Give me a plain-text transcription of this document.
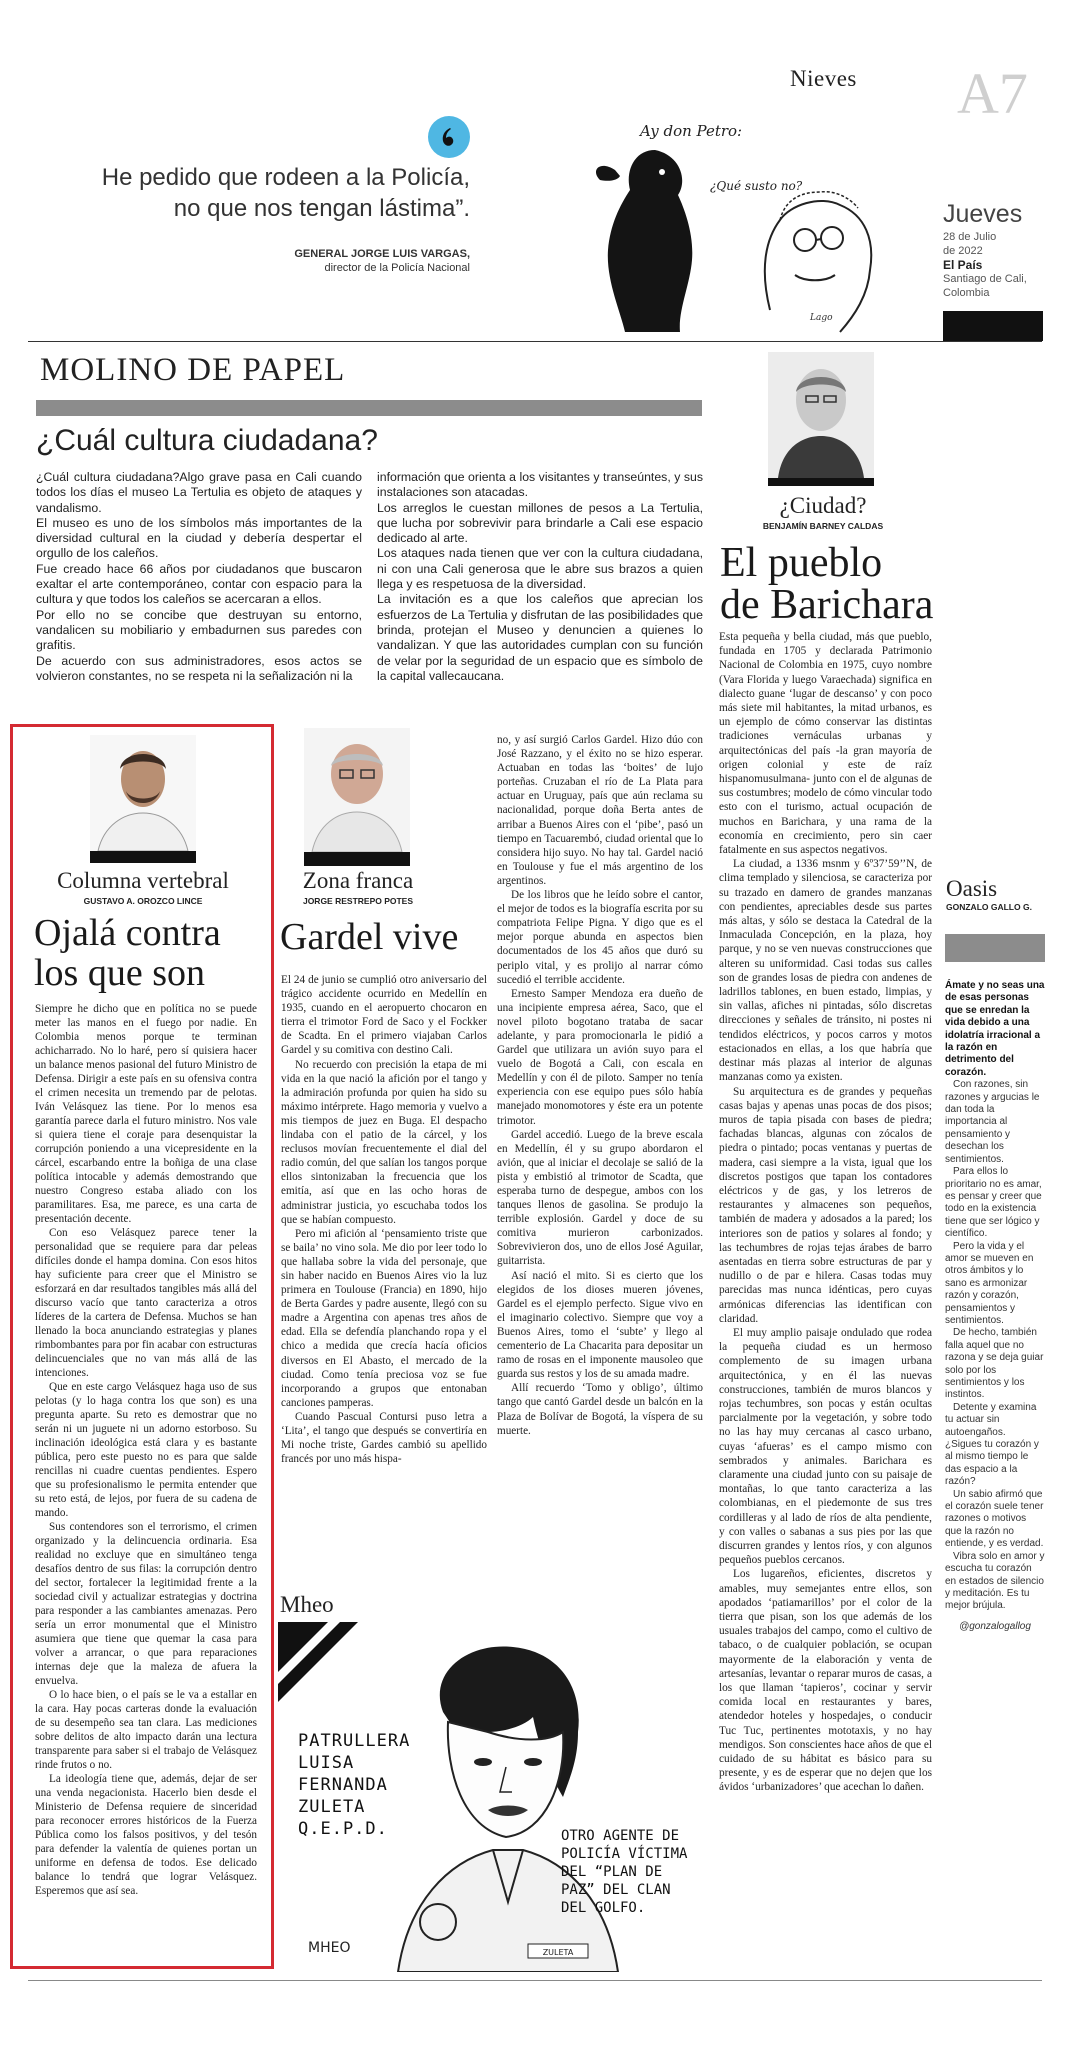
Nieves A7
Jueves
28 de Julio
de 2022
El País
Santiago de Cali,
Colombia
He pedido que rodeen a la Policía,
no que nos tengan lástima”.
GENERAL JORGE LUIS VARGAS,
director de la Policía Nacional
Ay don Petro:
¿Qué susto no?
Lago
MOLINO DE PAPEL
¿Cuál cultura ciudadana?
¿Cuál cultura ciudadana?Algo grave pasa en Cali cuando todos los días el museo La Tertulia es objeto de ataques y vandalismo.
El museo es uno de los símbolos más importantes de la diversidad cultural en la ciudad y debería despertar el orgullo de los caleños.
Fue creado hace 66 años por ciudadanos que buscaron exaltar el arte contemporáneo, contar con espacio para la cultura y que todos los caleños se acercaran a ellos.
Por ello no se concibe que destruyan su entorno, vandalicen su mobiliario y embadurnen sus paredes con grafitis.
De acuerdo con sus administradores, esos actos se volvieron constantes, no se respeta ni la señalización ni la
información que orienta a los visitantes y transeúntes, y sus instalaciones son atacadas.
Los arreglos le cuestan millones de pesos a La Tertulia, que lucha por sobrevivir para brindarle a Cali ese espacio dedicado al arte.
Los ataques nada tienen que ver con la cultura ciudadana, ni con una Cali generosa que le abre sus brazos a quien llega y es respetuosa de la diversidad.
La invitación es a que los caleños que aprecian los esfuerzos de La Tertulia y disfrutan de las posibilidades que brinda, protejan el Museo y denuncien a quienes lo vandalizan. Y que las autoridades cumplan con su función de velar por la seguridad de un espacio que es símbolo de la capital vallecaucana.
¿Ciudad?
BENJAMÍN BARNEY CALDAS
El pueblo
de Barichara

Esta pequeña y bella ciudad, más que pueblo, fundada en 1705 y declarada Patrimonio Nacional de Colombia en 1975, cuyo nombre (Vara Florida y luego Varaechada) significa en dialecto guane ‘lugar de descanso’ y con poco más siete mil habitantes, la mitad urbanos, es un ejemplo de cómo conservar las distintas tradiciones vernáculas urbanas y arquitectónicas del país -la gran mayoría de origen colonial y este de raíz hispanomusulmana- junto con el de algunas de sus costumbres; modelo de cómo vincular todo esto con el turismo, actual ocupación de muchos en Barichara, y una rama de la economía en crecimiento, pero sin caer fatalmente en sus aspectos negativos.

La ciudad, a 1336 msnm y 6º37’59’’N, de clima templado y silenciosa, se caracteriza por su trazado en damero de grandes manzanas con pendientes, apreciables desde sus partes más altas, y sólo se destaca la Catedral de la Inmaculada Concepción, en la plaza, hoy parque, y no se ven nuevas construcciones que alteren su uniformidad. Casi todas sus calles son de grandes losas de piedra con andenes de ladrillos tablones, en buen estado, limpias, y sin vallas, afiches ni pintadas, sólo discretas direcciones y señales de tránsito, ni postes ni tendidos eléctricos, y pocos carros y motos estacionados en ellas, a los que habría que destinar más plazas al interior de algunas manzanas como ya existen.

Su arquitectura es de grandes y pequeñas casas bajas y apenas unas pocas de dos pisos; muros de tapia pisada con bases de piedra; fachadas blancas, algunas con zócalos de piedra o pintado; pocas ventanas y puertas de madera, casi siempre a la vista, igual que los discretos postigos que tapan los contadores eléctricos y de gas, y los letreros de restaurantes y almacenes son pequeños, también de madera y adosados a la pared; los interiores son de patios y solares al fondo; y las techumbres de rojas tejas árabes de barro asentadas en tierra sobre estructuras de par y nudillo o de par e hilera. Casas todas muy parecidas mas nunca idénticas, pero cuyas armónicas diferencias las identifican con claridad.

El muy amplio paisaje ondulado que rodea la pequeña ciudad es un hermoso complemento de su imagen urbana arquitectónica, y en él las nuevas construcciones, también de muros blancos y rojas techumbres, son pocas y están ocultas parcialmente por la vegetación, y sobre todo no las hay muy cercanas al casco urbano, cuyas ‘afueras’ es el campo mismo con sembrados y animales. Barichara es claramente una ciudad junto con su paisaje de montañas, lo que tanto caracteriza a las colombianas, en el piedemonte de sus tres cordilleras y al lado de ríos de alta pendiente, y con valles o sabanas a sus pies por las que discurren grandes y lentos ríos, y con algunos pequeños pueblos cercanos.

Los lugareños, eficientes, discretos y amables, muy semejantes entre ellos, son apodados ‘patiamarillos’ por el color de la tierra que pisan, son los que además de los usuales trabajos del campo, como el cultivo de tabaco, o de cualquier población, se ocupan mayormente de la elaboración y venta de artesanías, levantar o reparar muros de casas, a los que llaman ‘tapieros’, cocinar y servir comida local en restaurantes y bares, atendedor hoteles y hospedajes, o conducir Tuc Tuc, pertinentes mototaxis, y no hay mendigos. Son conscientes hace años de que el cuidado de su hábitat es básico para su presente, y es de esperar que no dejen que los ávidos ‘urbanizadores’ que acechan lo dañen.

Oasis
GONZALO GALLO G.
Ámate y no seas una de esas personas que se enredan la vida debido a una idolatría irracional a la razón en detrimento del corazón.
Con razones, sin razones y argucias le dan toda la importancia al pensamiento y desechan los sentimientos.
Para ellos lo prioritario no es amar, es pensar y creer que todo en la existencia tiene que ser lógico y científico.
Pero la vida y el amor se mueven en otros ámbitos y lo sano es armonizar razón y corazón, pensamientos y sentimientos.
De hecho, también falla aquel que no razona y se deja guiar solo por los sentimientos y los instintos.
Detente y examina tu actuar sin autoengaños. ¿Sigues tu corazón y al mismo tiempo le das espacio a la razón?
Un sabio afirmó que el corazón suele tener razones o motivos que la razón no entiende, y es verdad.
Vibra solo en amor y escucha tu corazón en estados de silencio y meditación. Es tu mejor brújula.
@gonzalogallog
Columna vertebral
GUSTAVO A. OROZCO LINCE
Ojalá contra
los que son

Siempre he dicho que en política no se puede meter las manos en el fuego por nadie. En Colombia menos porque te terminan achicharrado. No lo haré, pero sí quisiera hacer un balance menos pasional del futuro Ministro de Defensa. Dirigir a este país en su ofensiva contra el crimen necesita un tremendo par de pelotas. Iván Velásquez las tiene. Por lo menos esa garantía parece darla el futuro ministro. Nos vale si quiera tiene el coraje para desenquistar la corrupción poniendo a una vicepresidente en la cárcel, escarbando entre la boñiga de una clase política intocable y además demostrando que nuestro Congreso estaba aliado con los paramilitares. Esa, me parece, es una carta de presentación decente.

Con eso Velásquez parece tener la personalidad que se requiere para dar peleas difíciles donde el hampa domina. Con esos hitos hay suficiente para creer que el Ministro se esforzará en dar resultados tangibles más allá del discurso vacío que tanto caracteriza a otros líderes de la cartera de Defensa. Muchos se han llenado la boca anunciando estrategias y planes rimbombantes para por fin acabar con estructuras delincuenciales que no van más allá de las intenciones.

Que en este cargo Velásquez haga uso de sus pelotas (y lo haga contra los que son) es una pregunta aparte. Su reto es demostrar que no serán ni un juguete ni un adorno estorboso. Su inclinación ideológica está clara y es bastante pública, pero este puesto no es para que salde rencillas ni cuadre cuentas pendientes. Espero que su profesionalismo le permita entender que su reto está, de lejos, por fuera de su cadena de mando.

Sus contendores son el terrorismo, el crimen organizado y la delincuencia ordinaria. Esa realidad no excluye que en simultáneo tenga desafíos dentro de sus filas: la corrupción dentro del sector, fortalecer la legitimidad frente a la sociedad civil y actualizar estrategias y doctrina para responder a las cambiantes amenazas. Pero sería un error monumental que el Ministro asumiera que tiene que quemar la casa para volver a arrancar, o que para reparaciones internas deje que la maleza de afuera la envuelva.

O lo hace bien, o el país se le va a estallar en la cara. Hay pocas carteras donde la evaluación de su desempeño sea tan clara. Las mediciones sobre delitos de alto impacto darán una lectura transparente para saber si el trabajo de Velásquez rinde frutos o no.

La ideología tiene que, además, dejar de ser una venda negacionista. Hacerlo bien desde el Ministerio de Defensa requiere de sinceridad para reconocer errores históricos de la Fuerza Pública como los falsos positivos, y del tesón para defender la valentía de quienes portan un uniforme en defensa de todos. Ese delicado balance lo tendrá que lograr Velásquez. Esperemos que así sea.

Zona franca
JORGE RESTREPO POTES
Gardel vive

El 24 de junio se cumplió otro aniversario del trágico accidente ocurrido en Medellín en 1935, cuando en el aeropuerto chocaron en tierra el trimotor Ford de Saco y el Fockker de Scadta. En el primero viajaban Carlos Gardel y su comitiva con destino Cali.

No recuerdo con precisión la etapa de mi vida en la que nació la afición por el tango y la admiración profunda por quien ha sido su máximo intérprete. Hago memoria y vuelvo a mis tiempos de juez en Buga. El despacho lindaba con el patio de la cárcel, y los reclusos movían frecuentemente el dial del radio común, del que salían los tangos porque ellos sintonizaban la frecuencia que los emitía, así que en las ocho horas de administrar justicia, yo escuchaba todos los que se habían compuesto.

Pero mi afición al ‘pensamiento triste que se baila’ no vino sola. Me dio por leer todo lo que hallaba sobre la vida del personaje, que sin haber nacido en Buenos Aires vio la luz primera en Toulouse (Francia) en 1890, hijo de Berta Gardes y padre ausente, llegó con su madre a Argentina con apenas tres años de edad. Ella se defendía planchando ropa y el chico a medida que crecía hacía oficios diversos en El Abasto, el mercado de la ciudad. Como tenía preciosa voz se fue incorporando a grupos que entonaban canciones pamperas.

Cuando Pascual Contursi puso letra a ‘Lita’, el tango que después se convertiría en Mi noche triste, Gardes cambió su apellido francés por uno más hispa-

no, y así surgió Carlos Gardel. Hizo dúo con José Razzano, y el éxito no se hizo esperar. Actuaban en todas las ‘boites’ de lujo porteñas. Cruzaban el río de La Plata para actuar en Uruguay, país que aún reclama su nacionalidad, porque doña Berta antes de arribar a Buenos Aires con el ‘pibe’, pasó un tiempo en Tacuarembó, ciudad oriental que lo considera hijo suyo. No hay tal. Gardel nació en Toulouse y fue el más argentino de los argentinos.

De los libros que he leído sobre el cantor, el mejor de todos es la biografía escrita por su compatriota Felipe Pigna. Y digo que es el mejor porque abunda en aspectos bien documentados de los 45 años que duró su periplo vital, y es prolijo al narrar cómo sucedió el terrible accidente.

Ernesto Samper Mendoza era dueño de una incipiente empresa aérea, Saco, que el novel piloto bogotano trataba de sacar adelante, y para promocionarla le pidió a Gardel que utilizara un avión suyo para el vuelo de Bogotá a Cali, con escala en Medellín y con él de piloto. Samper no tenía experiencia con ese equipo pues sólo había manejado monomotores y éste era un potente trimotor.

Gardel accedió. Luego de la breve escala en Medellín, él y su grupo abordaron el avión, que al iniciar el decolaje se salió de la pista y embistió al trimotor de Scadta, que esperaba turno de despegue, ambos con los tanques llenos de gasolina. Se produjo la terrible explosión. Gardel y doce de su comitiva murieron carbonizados. Sobrevivieron dos, uno de ellos José Aguilar, guitarrista.

Así nació el mito. Si es cierto que los elegidos de los dioses mueren jóvenes, Gardel es el ejemplo perfecto. Sigue vivo en el imaginario colectivo. Siempre que voy a Buenos Aires, tomo el ‘subte’ y llego al cementerio de La Chacarita para depositar un ramo de rosas en el imponente mausoleo que guarda sus restos y los de su amada madre.

Allí recuerdo ‘Tomo y obligo’, último tango que cantó Gardel desde un balcón en la Plaza de Bolívar de Bogotá, la víspera de su muerte.

Mheo
ZULETA
MHEO
PATRULLERA LUISA FERNANDA ZULETA Q.E.P.D.	OTRO AGENTE DE POLICÍA VÍCTIMA DEL “PLAN DE PAZ” DEL CLAN DEL GOLFO.
